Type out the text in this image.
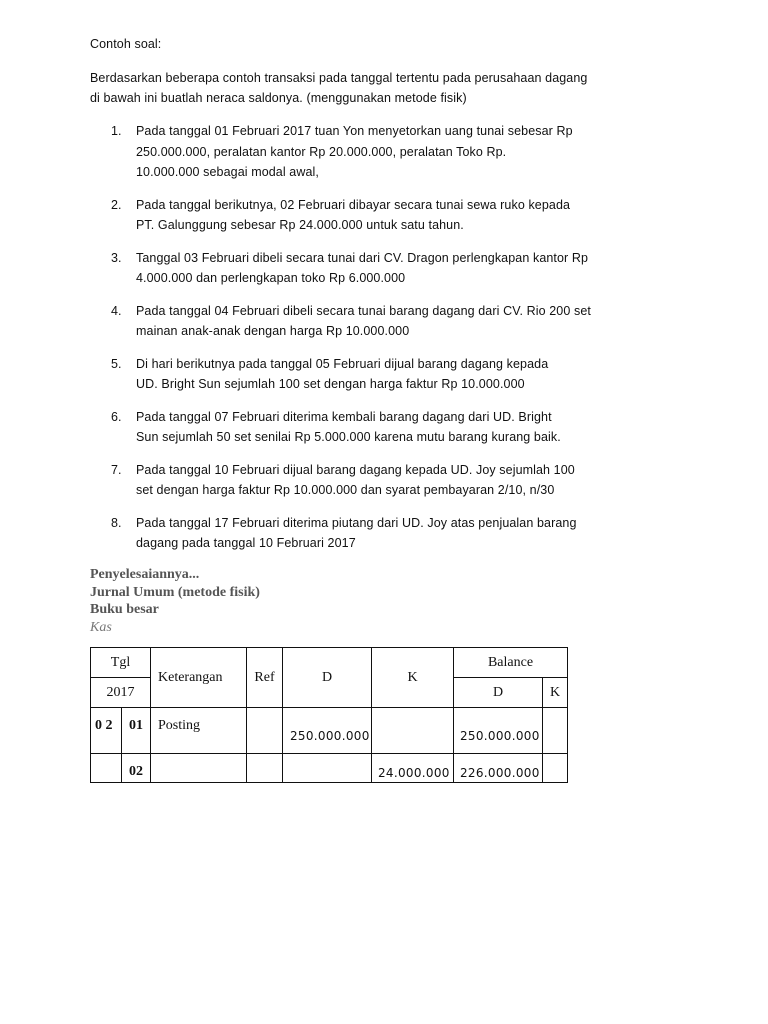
Contoh soal:
Berdasarkan beberapa contoh transaksi pada tanggal tertentu pada perusahaan dagang
di bawah ini buatlah neraca saldonya. (menggunakan metode fisik)
1. Pada tanggal 01 Februari 2017 tuan Yon menyetorkan uang tunai sebesar Rp
250.000.000, peralatan kantor Rp 20.000.000, peralatan Toko Rp.
10.000.000 sebagai modal awal,
2. Pada tanggal berikutnya, 02 Februari dibayar secara tunai sewa ruko kepada
PT. Galunggung sebesar Rp 24.000.000 untuk satu tahun.
3. Tanggal 03 Februari dibeli secara tunai dari CV. Dragon perlengkapan kantor Rp
4.000.000 dan perlengkapan toko Rp 6.000.000
4. Pada tanggal 04 Februari dibeli secara tunai barang dagang dari CV. Rio 200 set
mainan anak-anak dengan harga Rp 10.000.000
5. Di hari berikutnya pada tanggal 05 Februari dijual barang dagang kepada
UD. Bright Sun sejumlah 100 set dengan harga faktur Rp 10.000.000
6. Pada tanggal 07 Februari diterima kembali barang dagang dari UD. Bright
Sun sejumlah 50 set senilai Rp 5.000.000 karena mutu barang kurang baik.
7. Pada tanggal 10 Februari dijual barang dagang kepada UD. Joy sejumlah 100
set dengan harga faktur Rp 10.000.000 dan syarat pembayaran 2/10, n/30
8. Pada tanggal 17 Februari diterima piutang dari UD. Joy atas penjualan barang
dagang pada tanggal 10 Februari 2017
Penyelesaiannya...
Jurnal Umum (metode fisik)
Buku besar
Kas
Tgl		Keterangan	Ref	D	K	Balance	
2017						D	K
0 2	01	Posting		250.000.000		250.000.000	
	02				24.000.000	226.000.000	
